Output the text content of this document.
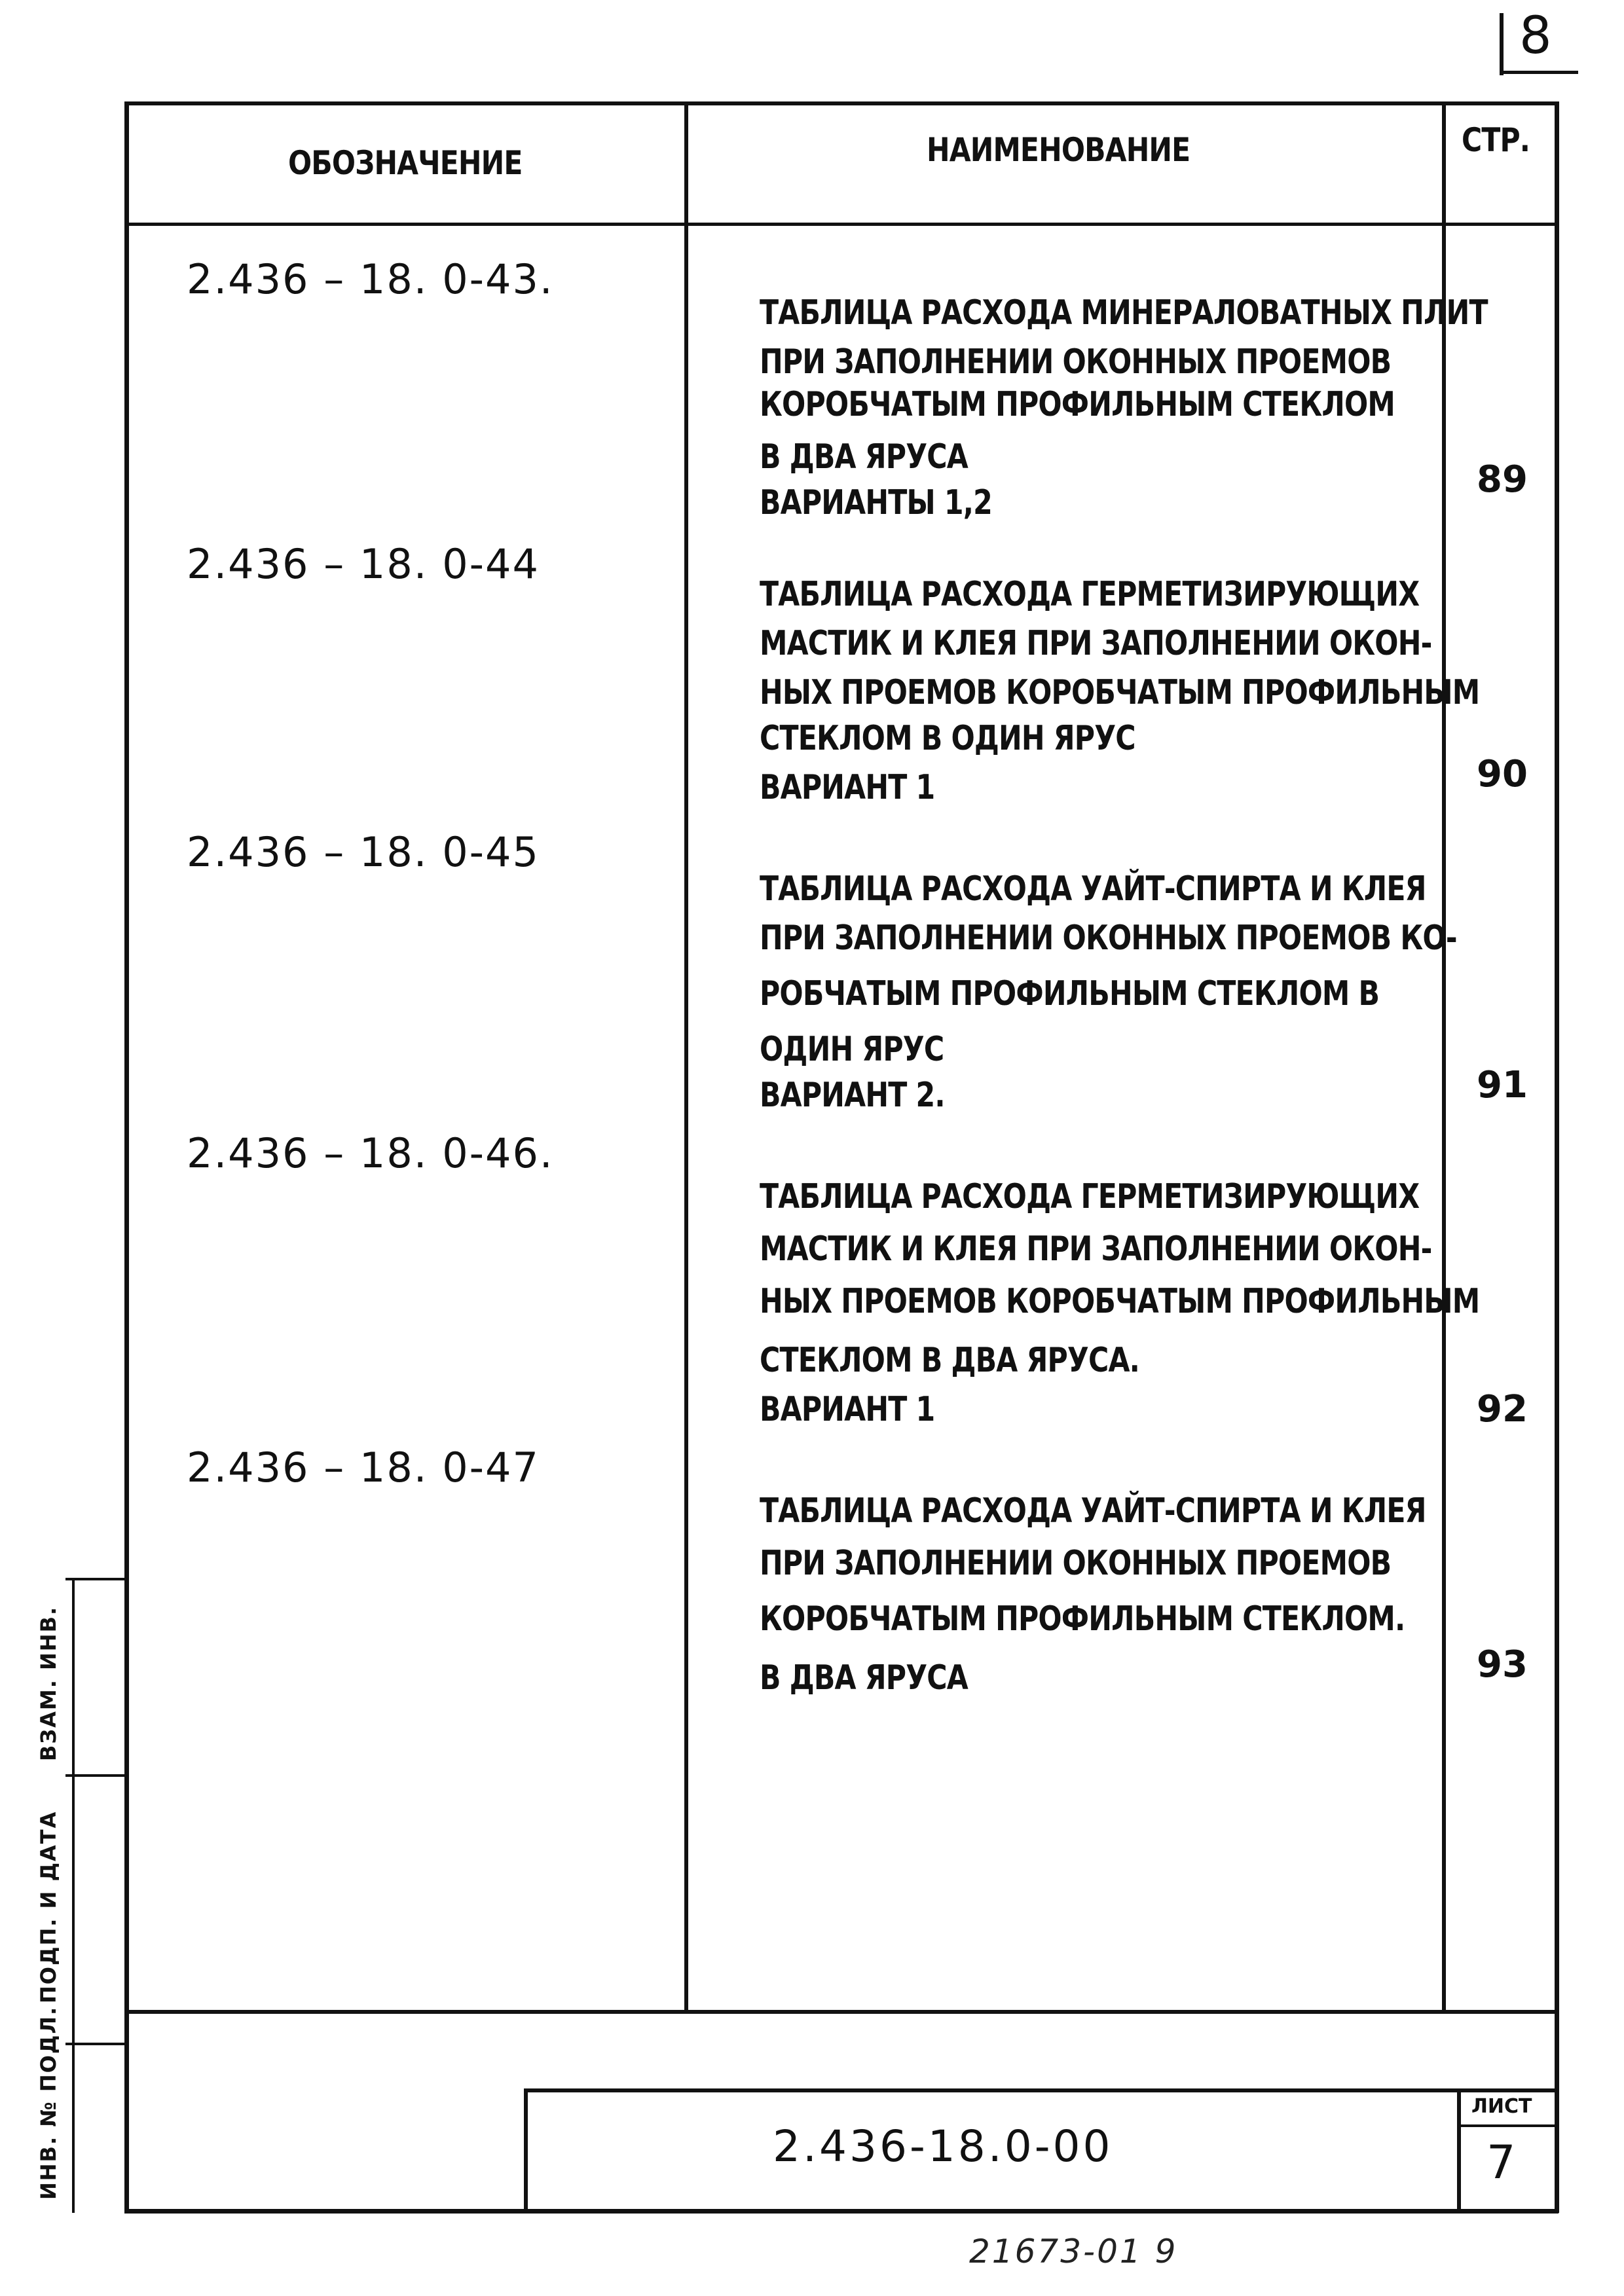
8
ОБОЗНАЧЕНИЕ	НАИМЕНОВАНИЕ	СТР.
2.436 – 18. 0-43.
ТАБЛИЦА РАСХОДА МИНЕРАЛОВАТНЫХ ПЛИТ
ПРИ ЗАПОЛНЕНИИ ОКОННЫХ ПРОЕМОВ
КОРОБЧАТЫМ ПРОФИЛЬНЫМ СТЕКЛОМ
В ДВА ЯРУСА
ВАРИАНТЫ 1,2
89
2.436 – 18. 0-44
ТАБЛИЦА РАСХОДА ГЕРМЕТИЗИРУЮЩИХ
МАСТИК И КЛЕЯ ПРИ ЗАПОЛНЕНИИ ОКОН-
НЫХ ПРОЕМОВ КОРОБЧАТЫМ ПРОФИЛЬНЫМ
СТЕКЛОМ В ОДИН ЯРУС
ВАРИАНТ 1	90
2.436 – 18. 0-45
ТАБЛИЦА РАСХОДА УАЙТ-СПИРТА И КЛЕЯ
ПРИ ЗАПОЛНЕНИИ ОКОННЫХ ПРОЕМОВ КО-
РОБЧАТЫМ ПРОФИЛЬНЫМ СТЕКЛОМ В
ОДИН ЯРУС
ВАРИАНТ 2.	91
2.436 – 18. 0-46.
ТАБЛИЦА РАСХОДА ГЕРМЕТИЗИРУЮЩИХ
МАСТИК И КЛЕЯ ПРИ ЗАПОЛНЕНИИ ОКОН-
НЫХ ПРОЕМОВ КОРОБЧАТЫМ ПРОФИЛЬНЫМ
СТЕКЛОМ В ДВА ЯРУСА.
ВАРИАНТ 1	92
2.436 – 18. 0-47
ТАБЛИЦА РАСХОДА УАЙТ-СПИРТА И КЛЕЯ
ПРИ ЗАПОЛНЕНИИ ОКОННЫХ ПРОЕМОВ
КОРОБЧАТЫМ ПРОФИЛЬНЫМ СТЕКЛОМ.
В ДВА ЯРУСА	93
2.436-18.0-00
ЛИСТ
7
ИНВ. № ПОДЛ.
ПОДП. И ДАТА
ВЗАМ. ИНВ.
21673-01 9
